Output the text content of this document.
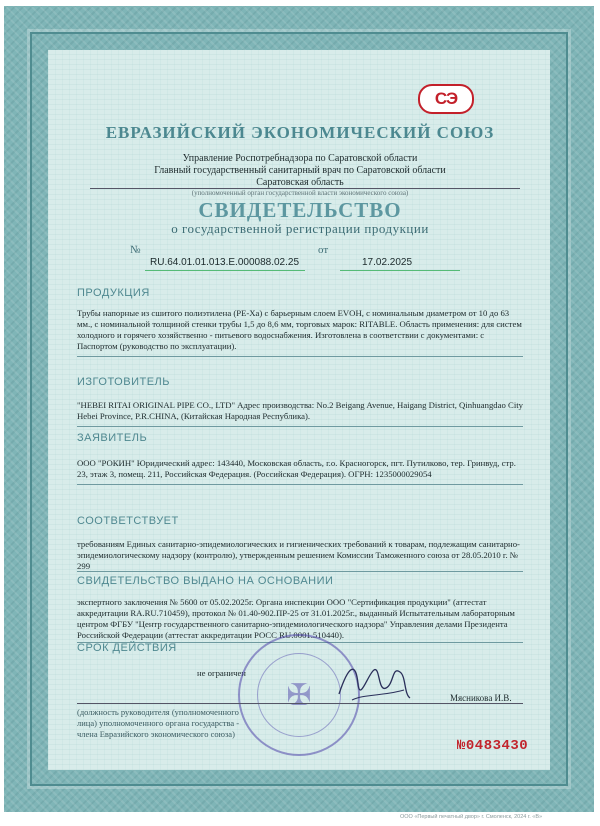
СЭ
ЕВРАЗИЙСКИЙ ЭКОНОМИЧЕСКИЙ СОЮЗ
Управление Роспотребнадзора по Саратовской области
Главный государственный санитарный врач по Саратовской области
Саратовская область
(уполномоченный орган государственной власти экономического союза)
СВИДЕТЕЛЬСТВО
о государственной регистрации продукции
№	от
RU.64.01.01.013.E.000088.02.25	17.02.2025
ПРОДУКЦИЯ
Трубы напорные из сшитого полиэтилена (PE-Xa) с барьерным слоем EVOH, с номинальным диаметром от 10 до 63 мм., с номинальной толщиной стенки трубы 1,5 до 8,6 мм, торговых марок: RITABLE. Область применения: для систем холодного и горячего хозяйственно - питьевого водоснабжения. Изготовлена в соответствии с документами: с Паспортом (руководство по эксплуатации).
ИЗГОТОВИТЕЛЬ
"HEBEI RITAI ORIGINAL PIPE CO., LTD" Адрес производства: No.2 Beigang Avenue, Haigang District, Qinhuangdao City Hebei Province, P.R.CHINA, (Китайская Народная Республика).
ЗАЯВИТЕЛЬ
ООО "РОКИН" Юридический адрес: 143440, Московская область, г.о. Красногорск, пгт. Путилково, тер. Гринвуд, стр. 23, этаж 3, помещ. 211, Российская Федерация. (Российская Федерация). ОГРН: 1235000029054
СООТВЕТСТВУЕТ
требованиям Единых санитарно-эпидемиологических и гигиенических требований к товарам, подлежащим санитарно-эпидемиологическому надзору (контролю), утвержденным решением Комиссии Таможенного союза от 28.05.2010 г. № 299
СВИДЕТЕЛЬСТВО ВЫДАНО НА ОСНОВАНИИ
экспертного заключения № 5600 от 05.02.2025г. Органа инспекции ООО "Сертификация продукции" (аттестат аккредитации RA.RU.710459), протокол № 01.40-902.ПР-25 от 31.01.2025г., выданный Испытательным лабораторным центром ФГБУ "Центр государственного санитарно-эпидемиологического надзора" Управления делами Президента Российской Федерации (аттестат аккредитации РОСС RU.0001.510440).
СРОК ДЕЙСТВИЯ
не ограничен
✠	Мясникова И.В.
(должность руководителя (уполномоченного
лица) уполномоченного органа государства -
члена Евразийского экономического союза)
№0483430
ООО «Первый печатный двор» г. Смоленск, 2024 г. «В»
